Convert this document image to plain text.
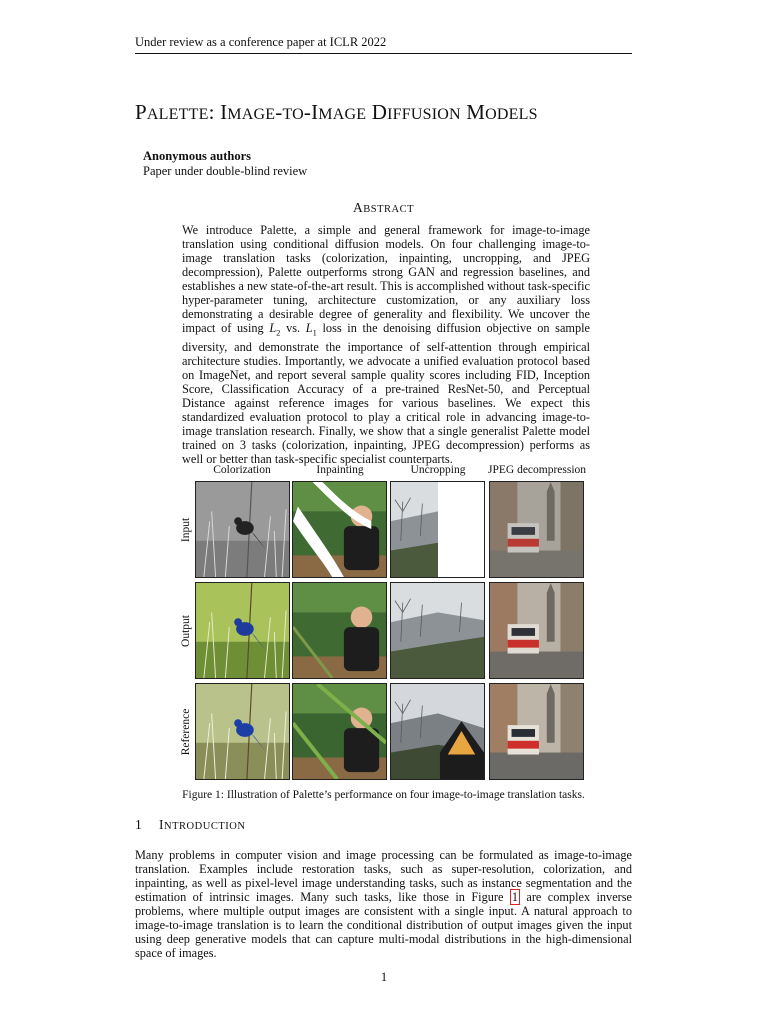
Under review as a conference paper at ICLR 2022
PALETTE: IMAGE-TO-IMAGE DIFFUSION MODELS
Anonymous authors
Paper under double-blind review
ABSTRACT

We introduce Palette, a simple and general framework for image-to-image translation using conditional diffusion models. On four challenging image-to-image translation tasks (colorization, inpainting, uncropping, and JPEG decompression), Palette outperforms strong GAN and regression baselines, and establishes a new state-of-the-art result. This is accomplished without task-specific hyper-parameter tuning, architecture customization, or any auxiliary loss demonstrating a desirable degree of generality and flexibility. We uncover the impact of using $L_2$ vs. $L_1$ loss in the denoising diffusion objective on sample diversity, and demonstrate the importance of self-attention through empirical architecture studies. Importantly, we advocate a unified evaluation protocol based on ImageNet, and report several sample quality scores including FID, Inception Score, Classification Accuracy of a pre-trained ResNet-50, and Perceptual Distance against reference images for various baselines. We expect this standardized evaluation protocol to play a critical role in advancing image-to-image translation research. Finally, we show that a single generalist Palette model trained on 3 tasks (colorization, inpainting, JPEG decompression) performs as well or better than task-specific specialist counterparts.

Colorization	Inpainting	Uncropping	JPEG decompression
Input
Output
Reference
Figure 1: Illustration of Palette’s performance on four image-to-image translation tasks.
1 INTRODUCTION

Many problems in computer vision and image processing can be formulated as image-to-image translation. Examples include restoration tasks, such as super-resolution, colorization, and inpainting, as well as pixel-level image understanding tasks, such as instance segmentation and the estimation of intrinsic images. Many such tasks, like those in Figure 1 are complex inverse problems, where multiple output images are consistent with a single input. A natural approach to image-to-image translation is to learn the conditional distribution of output images given the input using deep generative models that can capture multi-modal distributions in the high-dimensional space of images.

1
